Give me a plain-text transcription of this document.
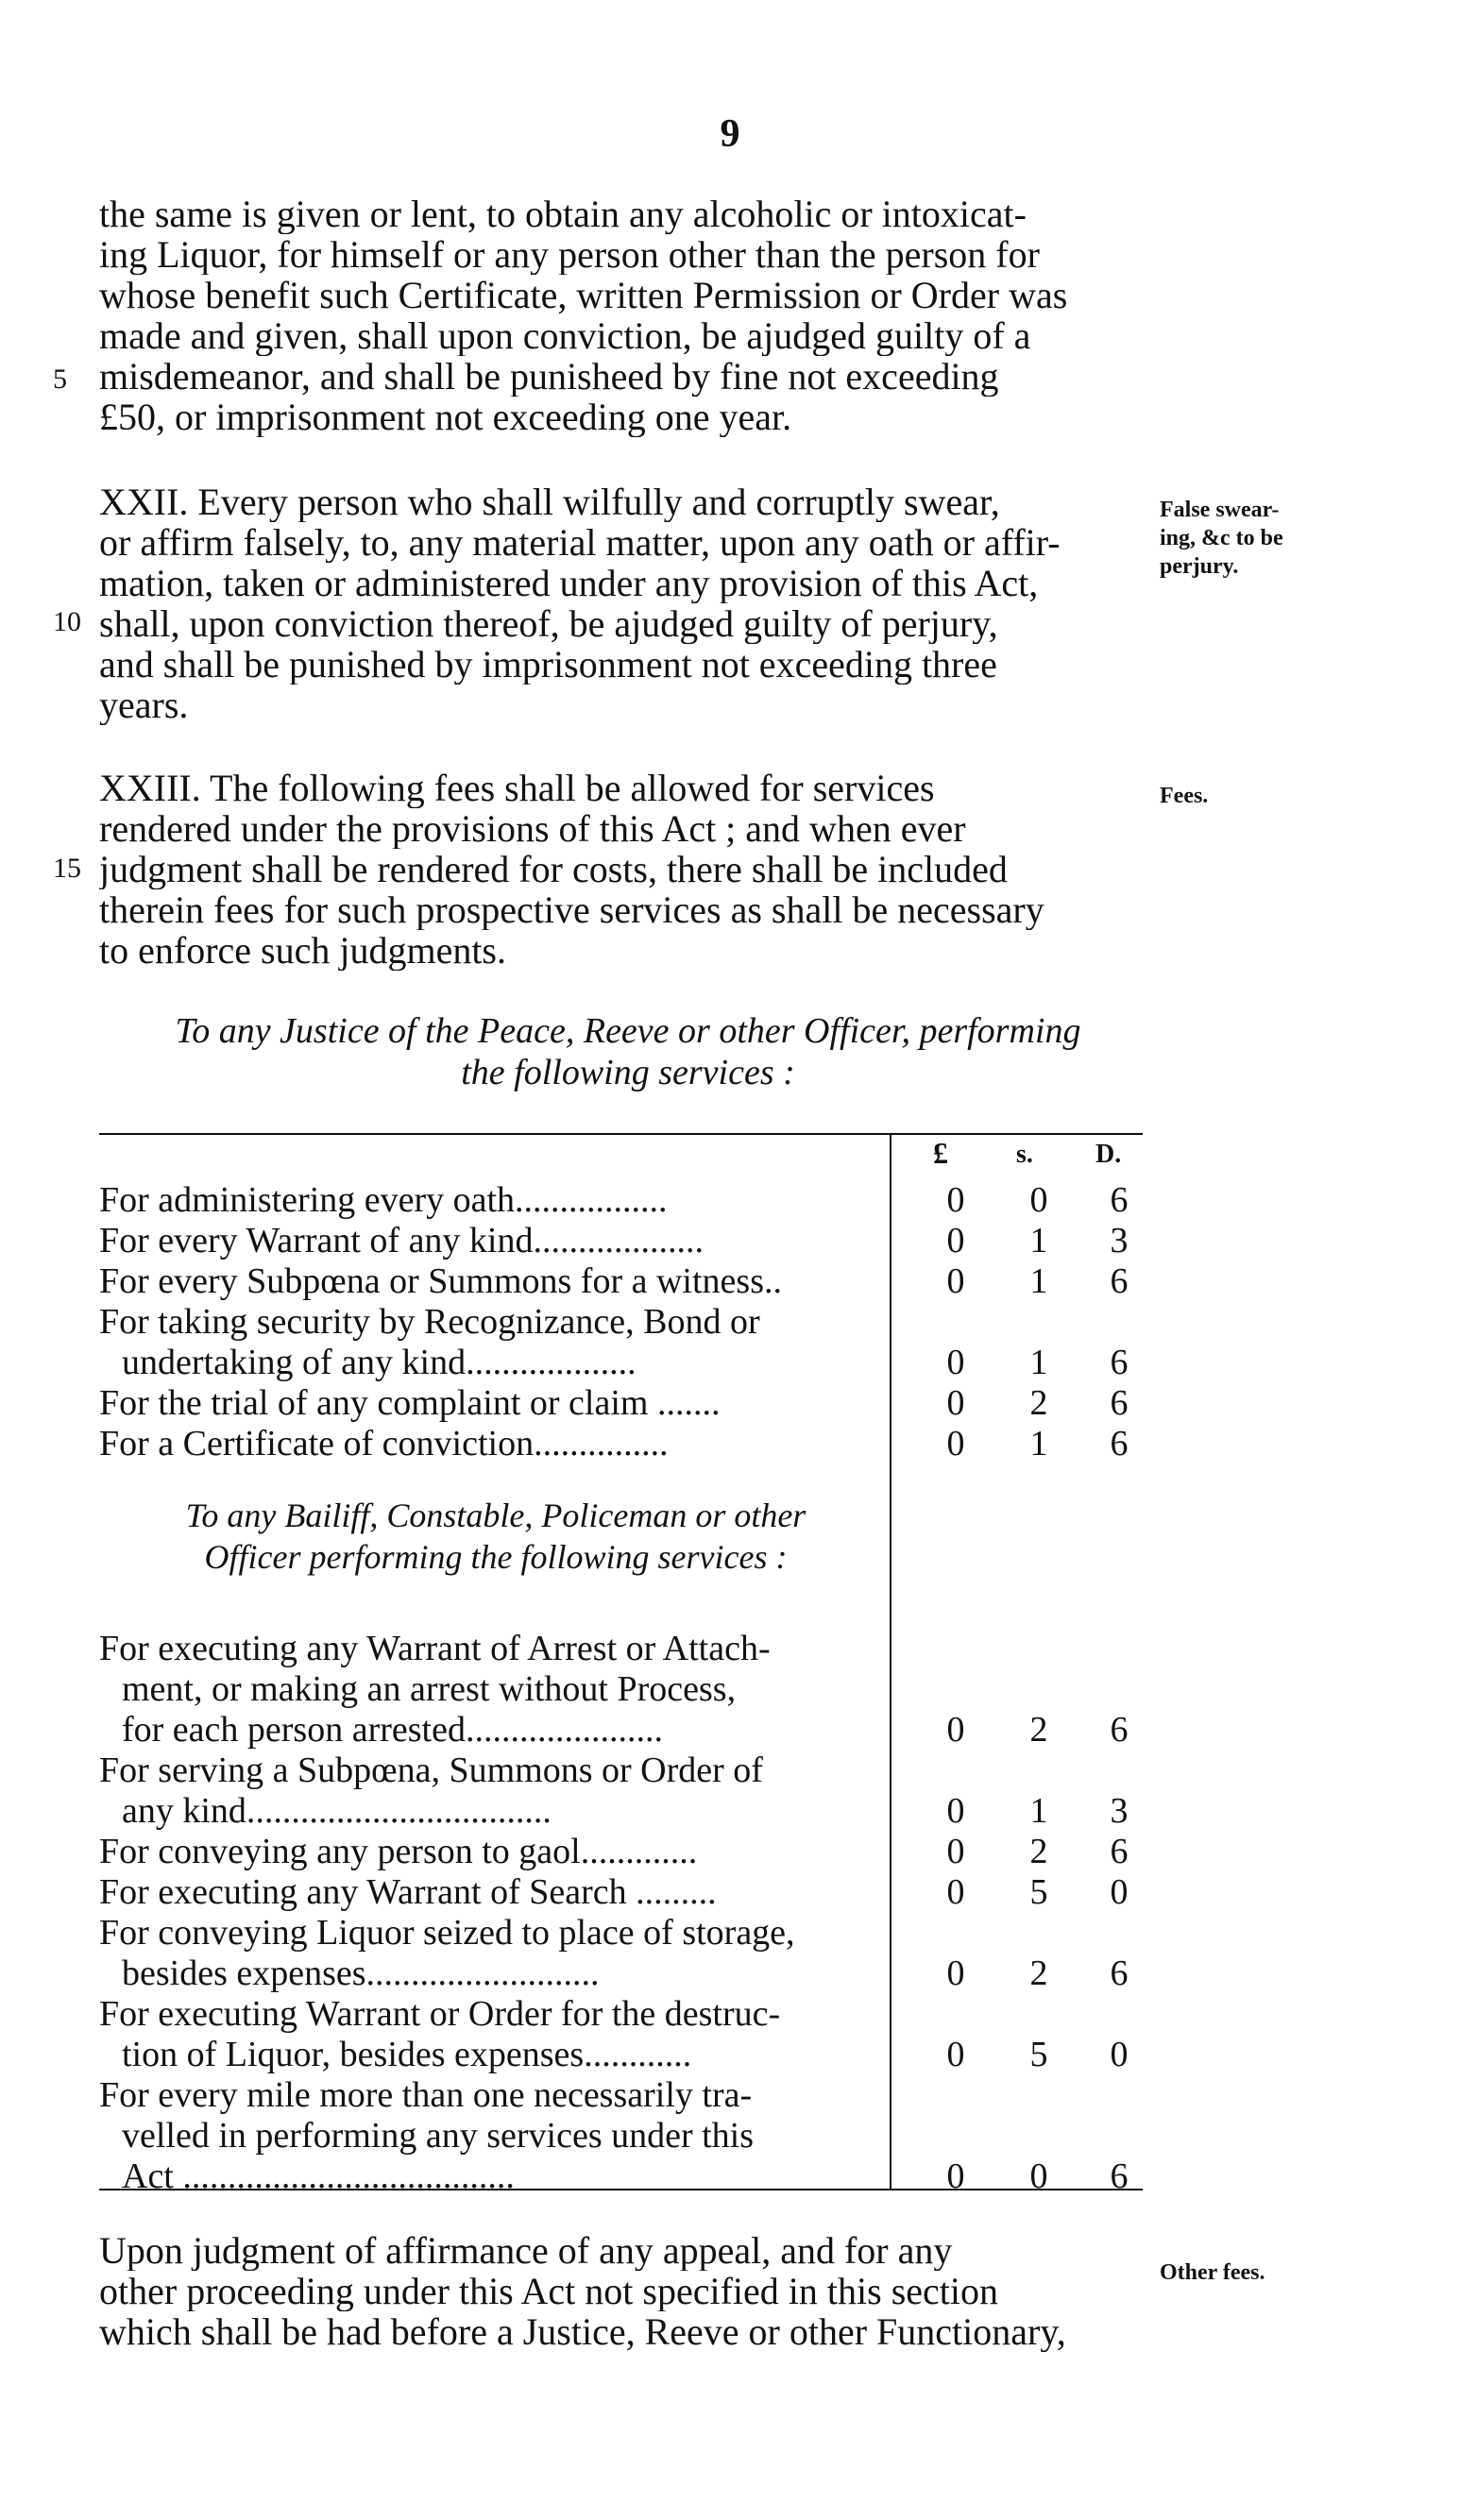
9
the same is given or lent, to obtain any alcoholic or intoxicat-
ing Liquor, for himself or any person other than the person for
whose benefit such Certificate, written Permission or Order was
made and given, shall upon conviction, be ajudged guilty of a
misdemeanor, and shall be punisheed by fine not exceeding
£50, or imprisonment not exceeding one year.
5
XXII. Every person who shall wilfully and corruptly swear,
or affirm falsely, to, any material matter, upon any oath or affir-
mation, taken or administered under any provision of this Act,
shall, upon conviction thereof, be ajudged guilty of perjury,
and shall be punished by imprisonment not exceeding three
years.
10
False swear-
ing, &c to be
perjury.
XXIII. The following fees shall be allowed for services
rendered under the provisions of this Act ; and when ever
judgment shall be rendered for costs, there shall be included
therein fees for such prospective services as shall be necessary
to enforce such judgments.
15
Fees.
To any Justice of the Peace, Reeve or other Officer, performing
the following services :
£	s. D.
For administering every oath.................	0 0 6
For every Warrant of any kind...................	0 1 3
For every Subpœna or Summons for a witness..	0 1 6
For taking security by Recognizance, Bond or
undertaking of any kind...................	0 1 6
For the trial of any complaint or claim .......	0 2 6
For a Certificate of conviction...............	0 1 6
To any Bailiff, Constable, Policeman or other
Officer performing the following services :
For executing any Warrant of Arrest or Attach-
ment, or making an arrest without Process,
for each person arrested......................	0 2 6
For serving a Subpœna, Summons or Order of
any kind..................................	0 1 3
For conveying any person to gaol.............	0 2 6
For executing any Warrant of Search .........	0 5 0
For conveying Liquor seized to place of storage,
besides expenses..........................	0 2 6
For executing Warrant or Order for the destruc-
tion of Liquor, besides expenses............	0 5 0
For every mile more than one necessarily tra-
velled in performing any services under this
Act .....................................	0 0 6
Upon judgment of affirmance of any appeal, and for any
other proceeding under this Act not specified in this section
which shall be had before a Justice, Reeve or other Functionary,
Other fees.
